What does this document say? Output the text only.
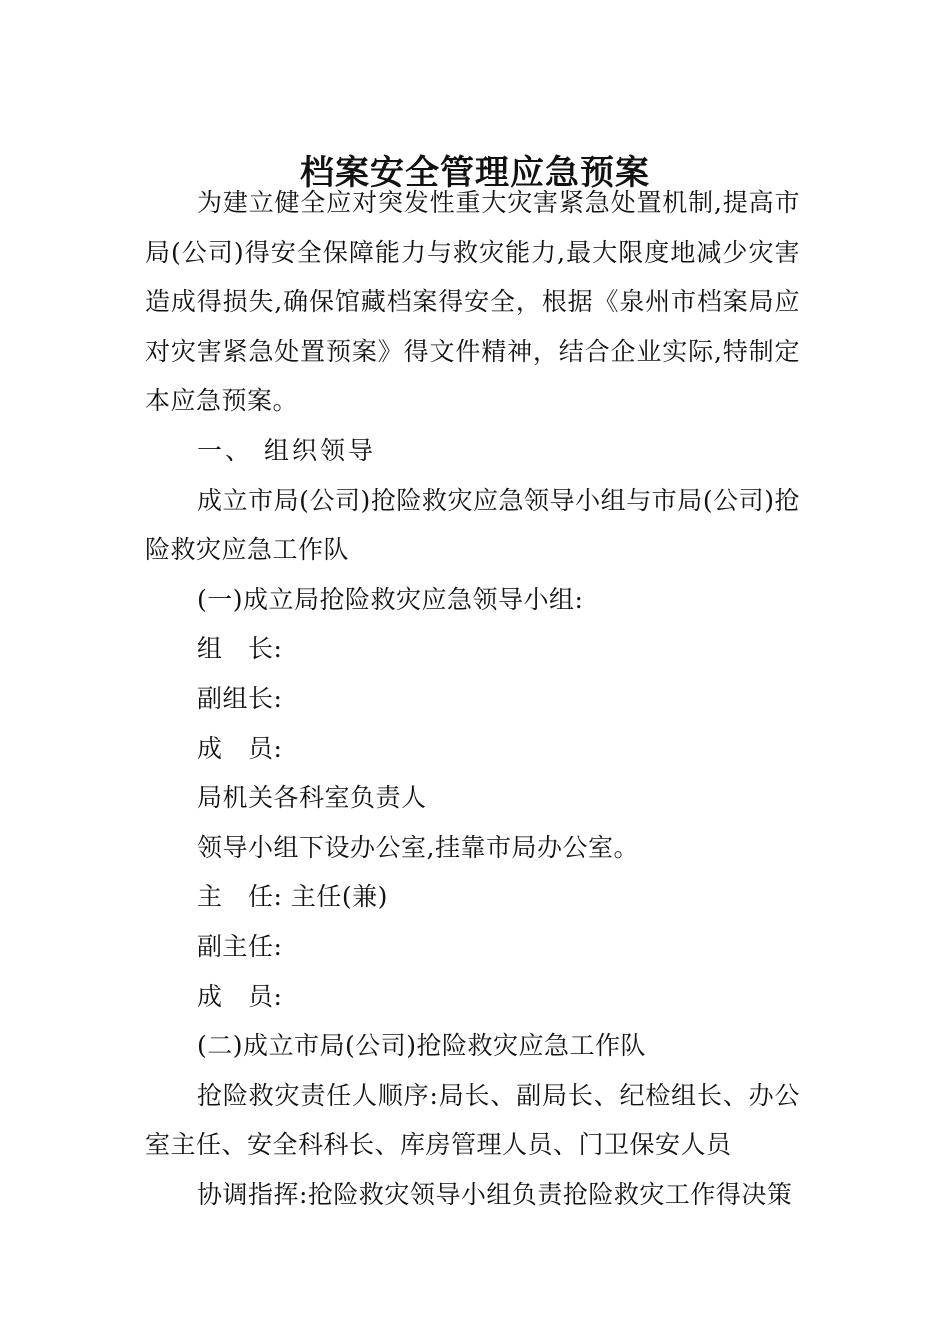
档案安全管理应急预案

为建立健全应对突发性重大灾害紧急处置机制,提高市局(公司)得安全保障能力与救灾能力,最大限度地减少灾害造成得损失,确保馆藏档案得安全，根据《泉州市档案局应对灾害紧急处置预案》得文件精神，结合企业实际,特制定本应急预案。

一、 组织领导

成立市局(公司)抢险救灾应急领导小组与市局(公司)抢险救灾应急工作队

(一)成立局抢险救灾应急领导小组:

组　长:

副组长:

成　员:

局机关各科室负责人

领导小组下设办公室,挂靠市局办公室。

主　任: 主任(兼)

副主任:

成　员:

(二)成立市局(公司)抢险救灾应急工作队

抢险救灾责任人顺序:局长、副局长、纪检组长、办公室主任、安全科科长、库房管理人员、门卫保安人员

协调指挥:抢险救灾领导小组负责抢险救灾工作得决策
